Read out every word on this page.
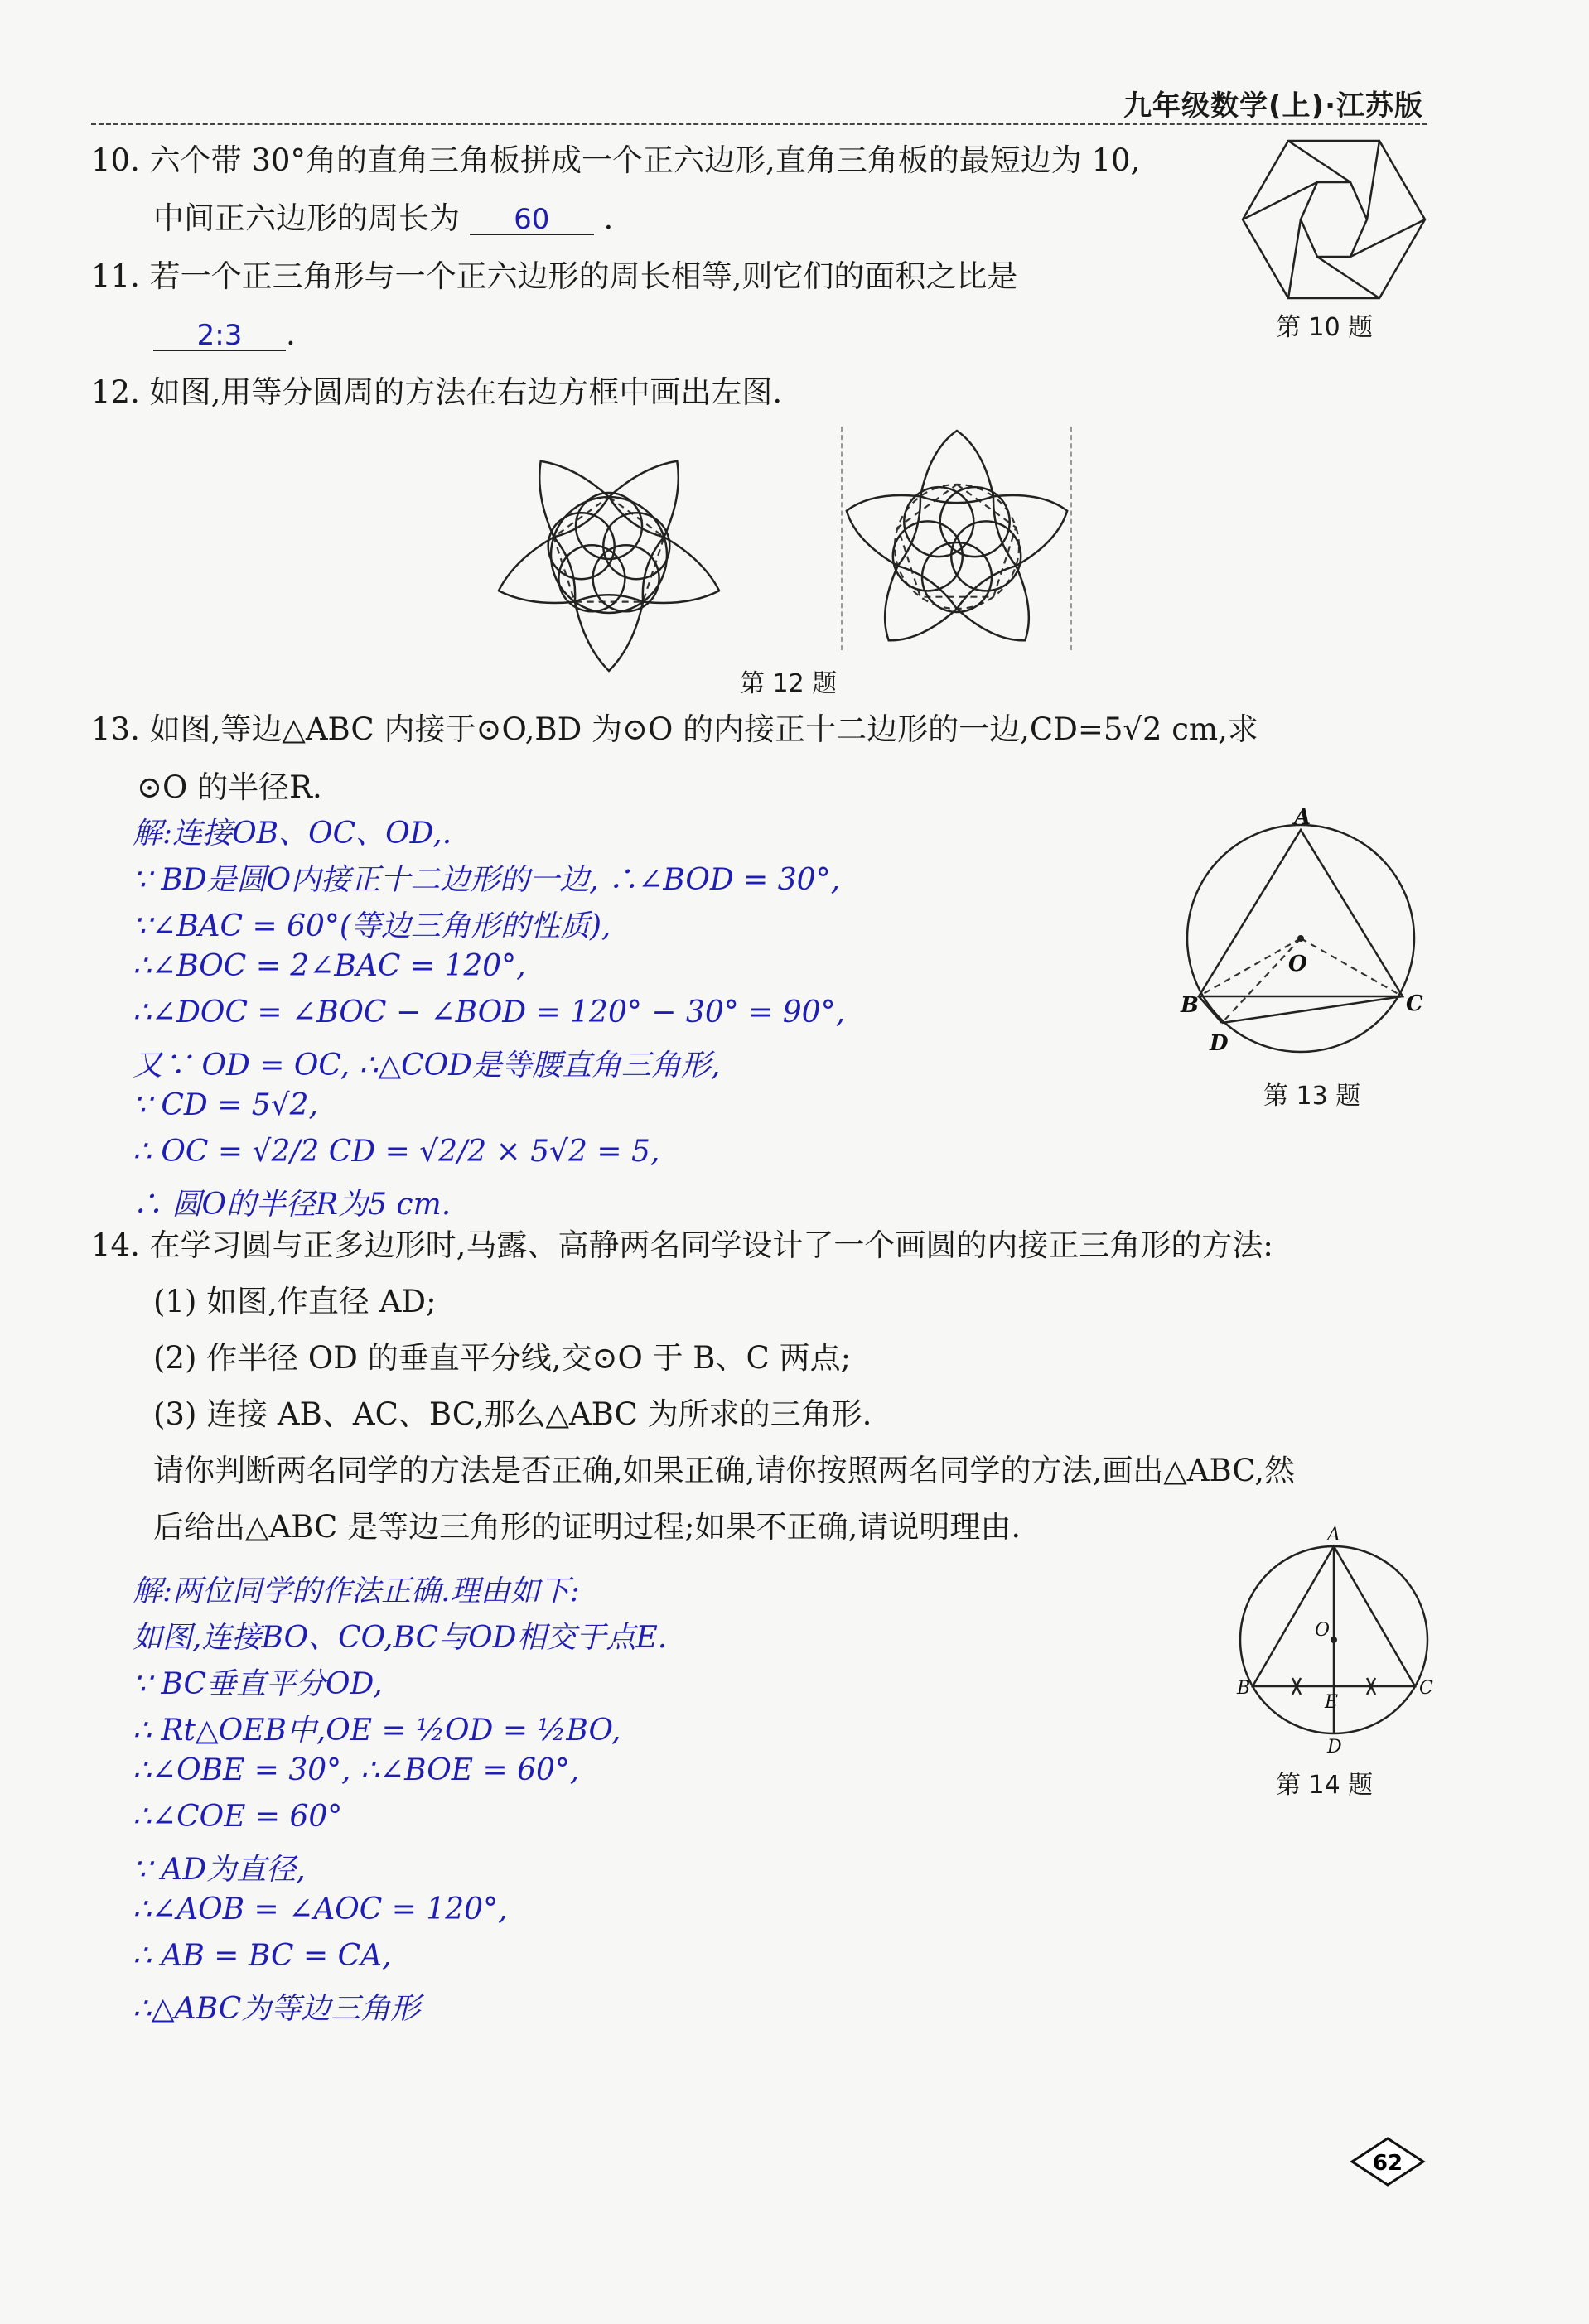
九年级数学(上)·江苏版
10. 六个带 30°角的直角三角板拼成一个正六边形,直角三角板的最短边为 10,
中间正六边形的周长为 60 .
第 10 题
11. 若一个正三角形与一个正六边形的周长相等,则它们的面积之比是
2:3 .
12. 如图,用等分圆周的方法在右边方框中画出左图.
第 12 题
13. 如图,等边△ABC 内接于⊙O,BD 为⊙O 的内接正十二边形的一边,CD=5√2 cm,求
⊙O 的半径R.
解:连接OB、OC、OD,.
∵ BD是圆O内接正十二边形的一边, ∴∠BOD = 30°,
∵∠BAC = 60°(等边三角形的性质),
∴∠BOC = 2∠BAC = 120°,
∴∠DOC = ∠BOC − ∠BOD = 120° − 30° = 90°,
又∵ OD = OC, ∴△COD是等腰直角三角形,
∵ CD = 5√2,
∴ OC = √2/2 CD = √2/2 × 5√2 = 5,
∴ 圆O的半径R为5 cm.
A
B	C
D
O
第 13 题
14. 在学习圆与正多边形时,马露、高静两名同学设计了一个画圆的内接正三角形的方法:
(1) 如图,作直径 AD;
(2) 作半径 OD 的垂直平分线,交⊙O 于 B、C 两点;
(3) 连接 AB、AC、BC,那么△ABC 为所求的三角形.
请你判断两名同学的方法是否正确,如果正确,请你按照两名同学的方法,画出△ABC,然
后给出△ABC 是等边三角形的证明过程;如果不正确,请说明理由.
解:两位同学的作法正确.理由如下:
如图,连接BO、CO,BC与OD相交于点E.
∵ BC垂直平分OD,
∴ Rt△OEB中,OE = ½OD = ½BO,
∴∠OBE = 30°, ∴∠BOE = 60°,
∴∠COE = 60°
∵ AD为直径,
∴∠AOB = ∠AOC = 120°,
∴ AB = BC = CA,
∴△ABC为等边三角形
A
B	C
D
E
O
第 14 题
62
